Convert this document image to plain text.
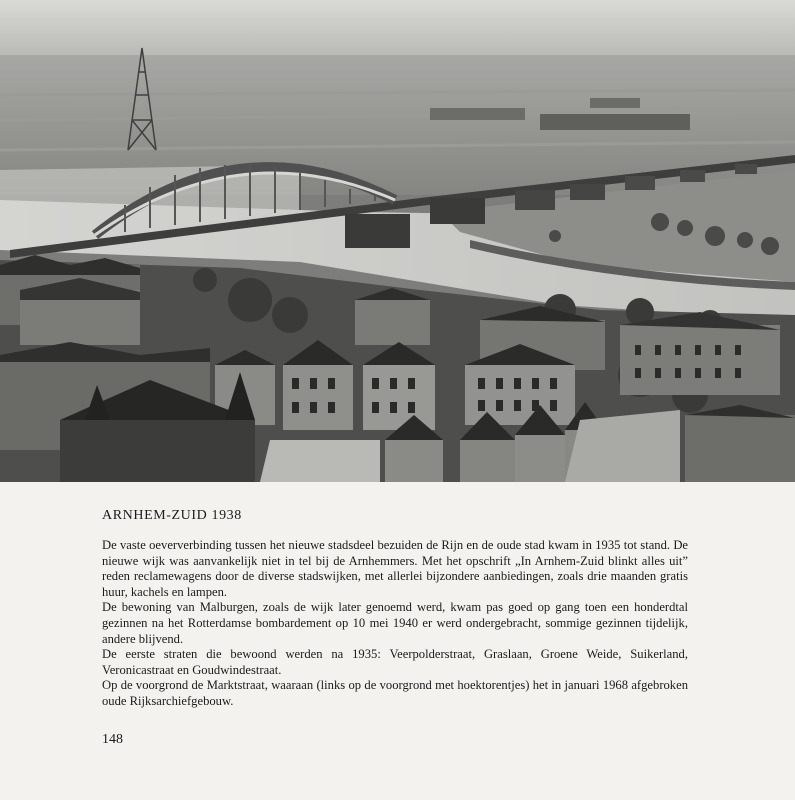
ARNHEM-ZUID 1938

De vaste oeververbinding tussen het nieuwe stadsdeel bezuiden de Rijn en de oude stad kwam in 1935 tot stand. De nieuwe wijk was aanvankelijk niet in tel bij de Arnhemmers. Met het opschrift „In Arnhem-Zuid blinkt alles uit” reden reclamewagens door de diverse stadswijken, met allerlei bijzondere aanbiedingen, zoals drie maanden gratis huur, kachels en lampen.

De bewoning van Malburgen, zoals de wijk later genoemd werd, kwam pas goed op gang toen een honderdtal gezinnen na het Rotterdamse bombardement op 10 mei 1940 er werd ondergebracht, sommige gezinnen tijdelijk, andere blijvend.

De eerste straten die bewoond werden na 1935: Veerpolderstraat, Graslaan, Groene Weide, Suikerland, Veronicastraat en Goudwindestraat.

Op de voorgrond de Marktstraat, waaraan (links op de voorgrond met hoektorentjes) het in januari 1968 afgebroken oude Rijksarchiefgebouw.

148
